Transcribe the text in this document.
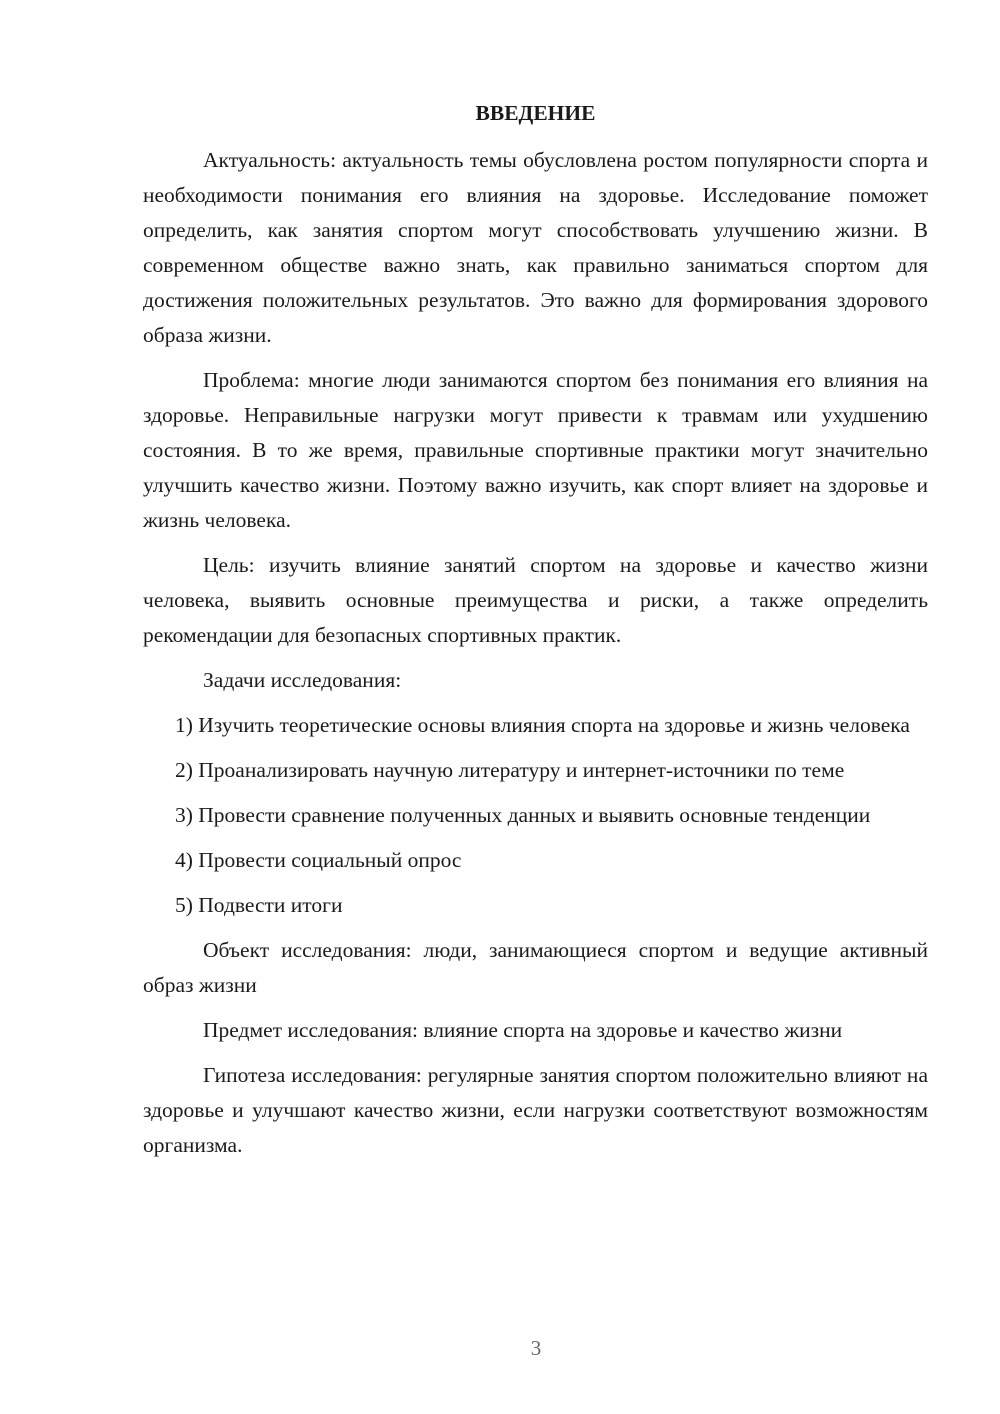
ВВЕДЕНИЕ

Актуальность: актуальность темы обусловлена ростом популярности спорта и необходимости понимания его влияния на здоровье. Исследование поможет определить, как занятия спортом могут способствовать улучшению жизни. В современном обществе важно знать, как правильно заниматься спортом для достижения положительных результатов. Это важно для формирования здорового образа жизни.

Проблема: многие люди занимаются спортом без понимания его влияния на здоровье. Неправильные нагрузки могут привести к травмам или ухудшению состояния. В то же время, правильные спортивные практики могут значительно улучшить качество жизни. Поэтому важно изучить, как спорт влияет на здоровье и жизнь человека.

Цель: изучить влияние занятий спортом на здоровье и качество жизни человека, выявить основные преимущества и риски, а также определить рекомендации для безопасных спортивных практик.

Задачи исследования:

1) Изучить теоретические основы влияния спорта на здоровье и жизнь человека

2) Проанализировать научную литературу и интернет-источники по теме

3) Провести сравнение полученных данных и выявить основные тенденции

4) Провести социальный опрос

5) Подвести итоги

Объект исследования: люди, занимающиеся спортом и ведущие активный образ жизни

Предмет исследования: влияние спорта на здоровье и качество жизни

Гипотеза исследования: регулярные занятия спортом положительно влияют на здоровье и улучшают качество жизни, если нагрузки соответствуют возможностям организма.

3
